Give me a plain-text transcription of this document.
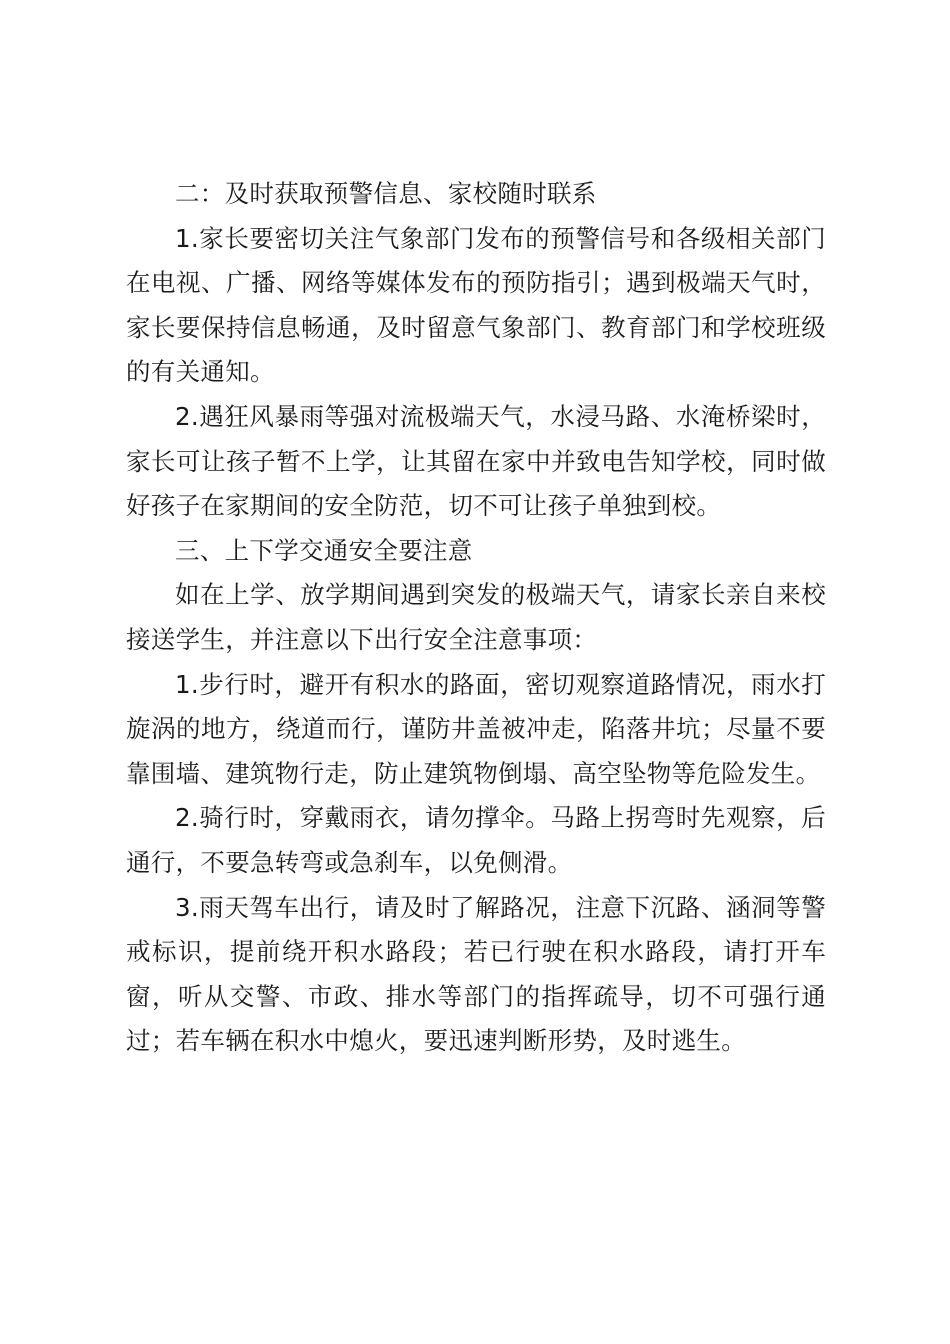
二：及时获取预警信息、家校随时联系

1.家长要密切关注气象部门发布的预警信号和各级相关部门在电视、广播、网络等媒体发布的预防指引；遇到极端天气时，家长要保持信息畅通，及时留意气象部门、教育部门和学校班级的有关通知。

2.遇狂风暴雨等强对流极端天气，水浸马路、水淹桥梁时，家长可让孩子暂不上学，让其留在家中并致电告知学校，同时做好孩子在家期间的安全防范，切不可让孩子单独到校。

三、上下学交通安全要注意

如在上学、放学期间遇到突发的极端天气，请家长亲自来校接送学生，并注意以下出行安全注意事项：

1.步行时，避开有积水的路面，密切观察道路情况，雨水打旋涡的地方，绕道而行，谨防井盖被冲走，陷落井坑；尽量不要靠围墙、建筑物行走，防止建筑物倒塌、高空坠物等危险发生。

2.骑行时，穿戴雨衣，请勿撑伞。马路上拐弯时先观察，后通行，不要急转弯或急刹车，以免侧滑。

3.雨天驾车出行，请及时了解路况，注意下沉路、涵洞等警戒标识，提前绕开积水路段；若已行驶在积水路段，请打开车窗，听从交警、市政、排水等部门的指挥疏导，切不可强行通过；若车辆在积水中熄火，要迅速判断形势，及时逃生。
